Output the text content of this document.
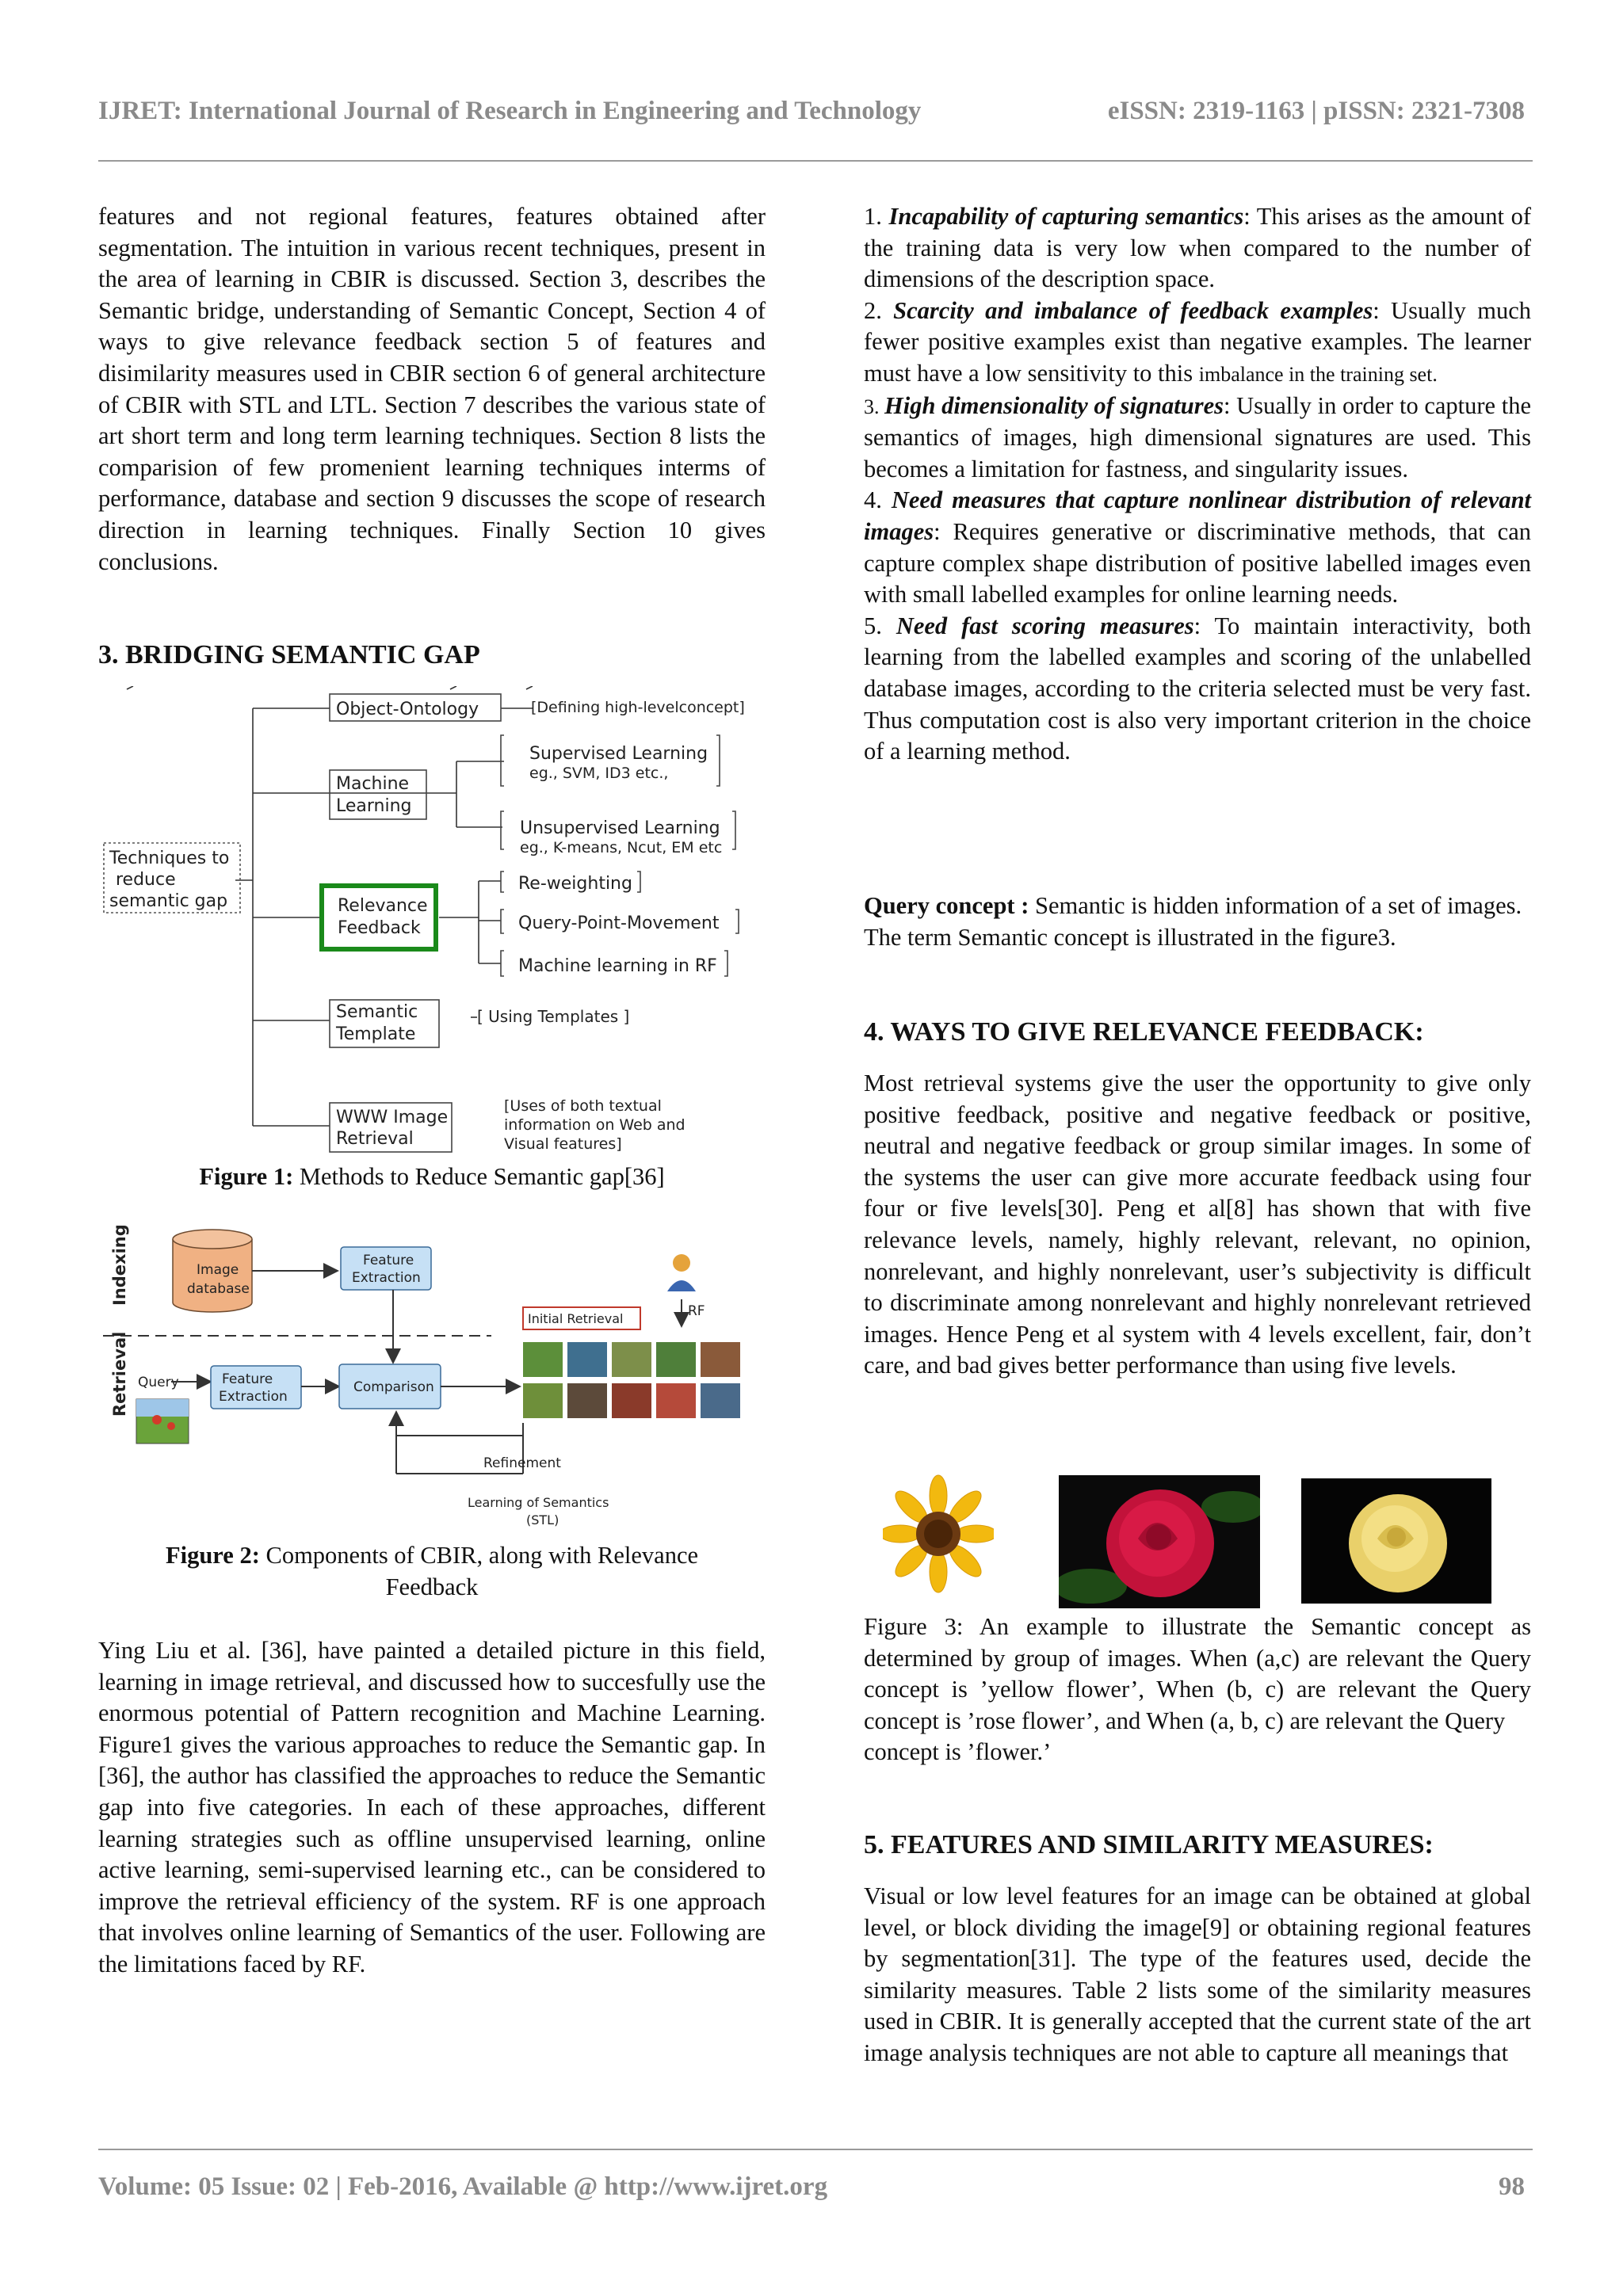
IJRET: International Journal of Research in Engineering and Technology	eISSN: 2319-1163 | pISSN: 2321-7308

features and not regional features, features obtained after segmentation. The intuition in various recent techniques, present in the area of learning in CBIR is discussed. Section 3, describes the Semantic bridge, understanding of Semantic Concept, Section 4 of ways to give relevance feedback section 5 of features and disimilarity measures used in CBIR section 6 of general architecture of CBIR with STL and LTL. Section 7 describes the various state of art short term and long term learning techniques. Section 8 lists the comparision of few promenient learning techniques interms of performance, database and section 9 discusses the scope of research direction in learning techniques. Finally Section 10 gives conclusions.

3. BRIDGING SEMANTIC GAP
Techniques to
reduce
semantic gap
Object-Ontology	[Defining high-levelconcept]
Machine
Learning
Supervised Learning
eg., SVM, ID3 etc.,
Unsupervised Learning
eg., K-means, Ncut, EM etc
Relevance
Feedback
Re-weighting
Query-Point-Movement
Machine learning in RF
Semantic
Template
[ Using Templates ]
WWW Image
Retrieval
[Uses of both textual
information on Web and
Visual features]
Figure 1: Methods to Reduce Semantic gap[36]
Indexing
Retrieval
Image
database
Feature
Extraction
Query	Feature
Extraction
Comparison
Initial Retrieval	RF
Refinement
Learning of Semantics
(STL)
Figure 2: Components of CBIR, along with Relevance
Feedback

Ying Liu et al. [36], have painted a detailed picture in this field, learning in image retrieval, and discussed how to succesfully use the enormous potential of Pattern recognition and Machine Learning. Figure1 gives the various approaches to reduce the Semantic gap. In [36], the author has classified the approaches to reduce the Semantic gap into five categories. In each of these approaches, different learning strategies such as offline unsupervised learning, online active learning, semi-supervised learning etc., can be considered to improve the retrieval efficiency of the system. RF is one approach that involves online learning of Semantics of the user. Following are the limitations faced by RF.

1. Incapability of capturing semantics: This arises as the amount of the training data is very low when compared to the number of dimensions of the description space.

2. Scarcity and imbalance of feedback examples: Usually much fewer positive examples exist than negative examples. The learner must have a low sensitivity to this imbalance in the training set.

3. High dimensionality of signatures: Usually in order to capture the semantics of images, high dimensional signatures are used. This becomes a limitation for fastness, and singularity issues.

4. Need measures that capture nonlinear distribution of relevant images: Requires generative or discriminative methods, that can capture complex shape distribution of positive labelled images even with small labelled examples for online learning needs.

5. Need fast scoring measures: To maintain interactivity, both learning from the labelled examples and scoring of the unlabelled database images, according to the criteria selected must be very fast. Thus computation cost is also very important criterion in the choice of a learning method.

Query concept : Semantic is hidden information of a set of images. The term Semantic concept is illustrated in the figure3.

4. WAYS TO GIVE RELEVANCE FEEDBACK:

Most retrieval systems give the user the opportunity to give only positive feedback, positive and negative feedback or positive, neutral and negative feedback or group similar images. In some of the systems the user can give more accurate feedback using four four or five levels[30]. Peng et al[8] has shown that with five relevance levels, namely, highly relevant, relevant, no opinion, nonrelevant, and highly nonrelevant, user’s subjectivity is difficult to discriminate among nonrelevant and highly nonrelevant retrieved images. Hence Peng et al system with 4 levels excellent, fair, don’t care, and bad gives better performance than using five levels.

Figure 3: An example to illustrate the Semantic concept as determined by group of images. When (a,c) are relevant the Query concept is ’yellow flower’, When (b, c) are relevant the Query concept is ’rose flower’, and When (a, b, c) are relevant the Query

concept is ’flower.’

5. FEATURES AND SIMILARITY MEASURES:

Visual or low level features for an image can be obtained at global level, or block dividing the image[9] or obtaining regional features by segmentation[31]. The type of the features used, decide the similarity measures. Table 2 lists some of the similarity measures used in CBIR. It is generally accepted that the current state of the art image analysis techniques are not able to capture all meanings that

Volume: 05 Issue: 02 | Feb-2016, Available @ http://www.ijret.org	98
